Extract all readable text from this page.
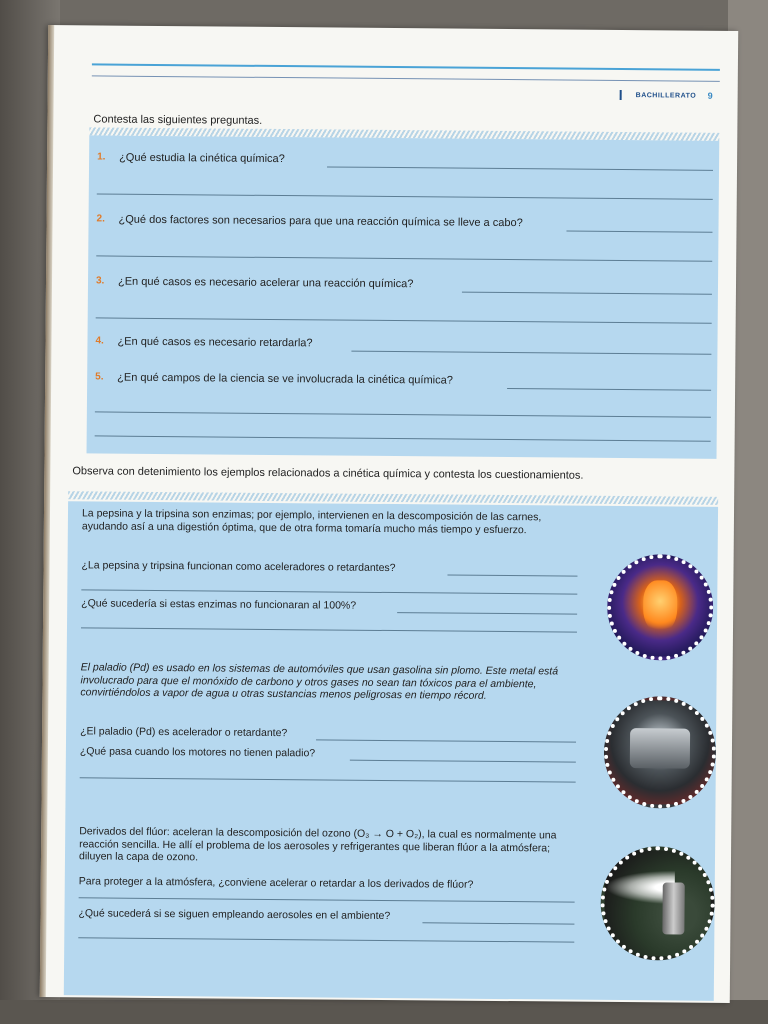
BACHILLERATO 9
Contesta las siguientes preguntas.
1. ¿Qué estudia la cinética química?
2. ¿Qué dos factores son necesarios para que una reacción química se lleve a cabo?
3. ¿En qué casos es necesario acelerar una reacción química?
4. ¿En qué casos es necesario retardarla?
5. ¿En qué campos de la ciencia se ve involucrada la cinética química?
Observa con detenimiento los ejemplos relacionados a cinética química y contesta los cuestionamientos.
La pepsina y la tripsina son enzimas; por ejemplo, intervienen en la descomposición de las carnes, ayudando así a una digestión óptima, que de otra forma tomaría mucho más tiempo y esfuerzo.
¿La pepsina y tripsina funcionan como aceleradores o retardantes?
¿Qué sucedería si estas enzimas no funcionaran al 100%?
El paladio (Pd) es usado en los sistemas de automóviles que usan gasolina sin plomo. Este metal está involucrado para que el monóxido de carbono y otros gases no sean tan tóxicos para el ambiente, convirtiéndolos a vapor de agua u otras sustancias menos peligrosas en tiempo récord.
¿El paladio (Pd) es acelerador o retardante?
¿Qué pasa cuando los motores no tienen paladio?
Derivados del flúor: aceleran la descomposición del ozono (O₃ → O + O₂), la cual es normalmente una reacción sencilla. He allí el problema de los aerosoles y refrigerantes que liberan flúor a la atmósfera; diluyen la capa de ozono.
Para proteger a la atmósfera, ¿conviene acelerar o retardar a los derivados de flúor?
¿Qué sucederá si se siguen empleando aerosoles en el ambiente?
